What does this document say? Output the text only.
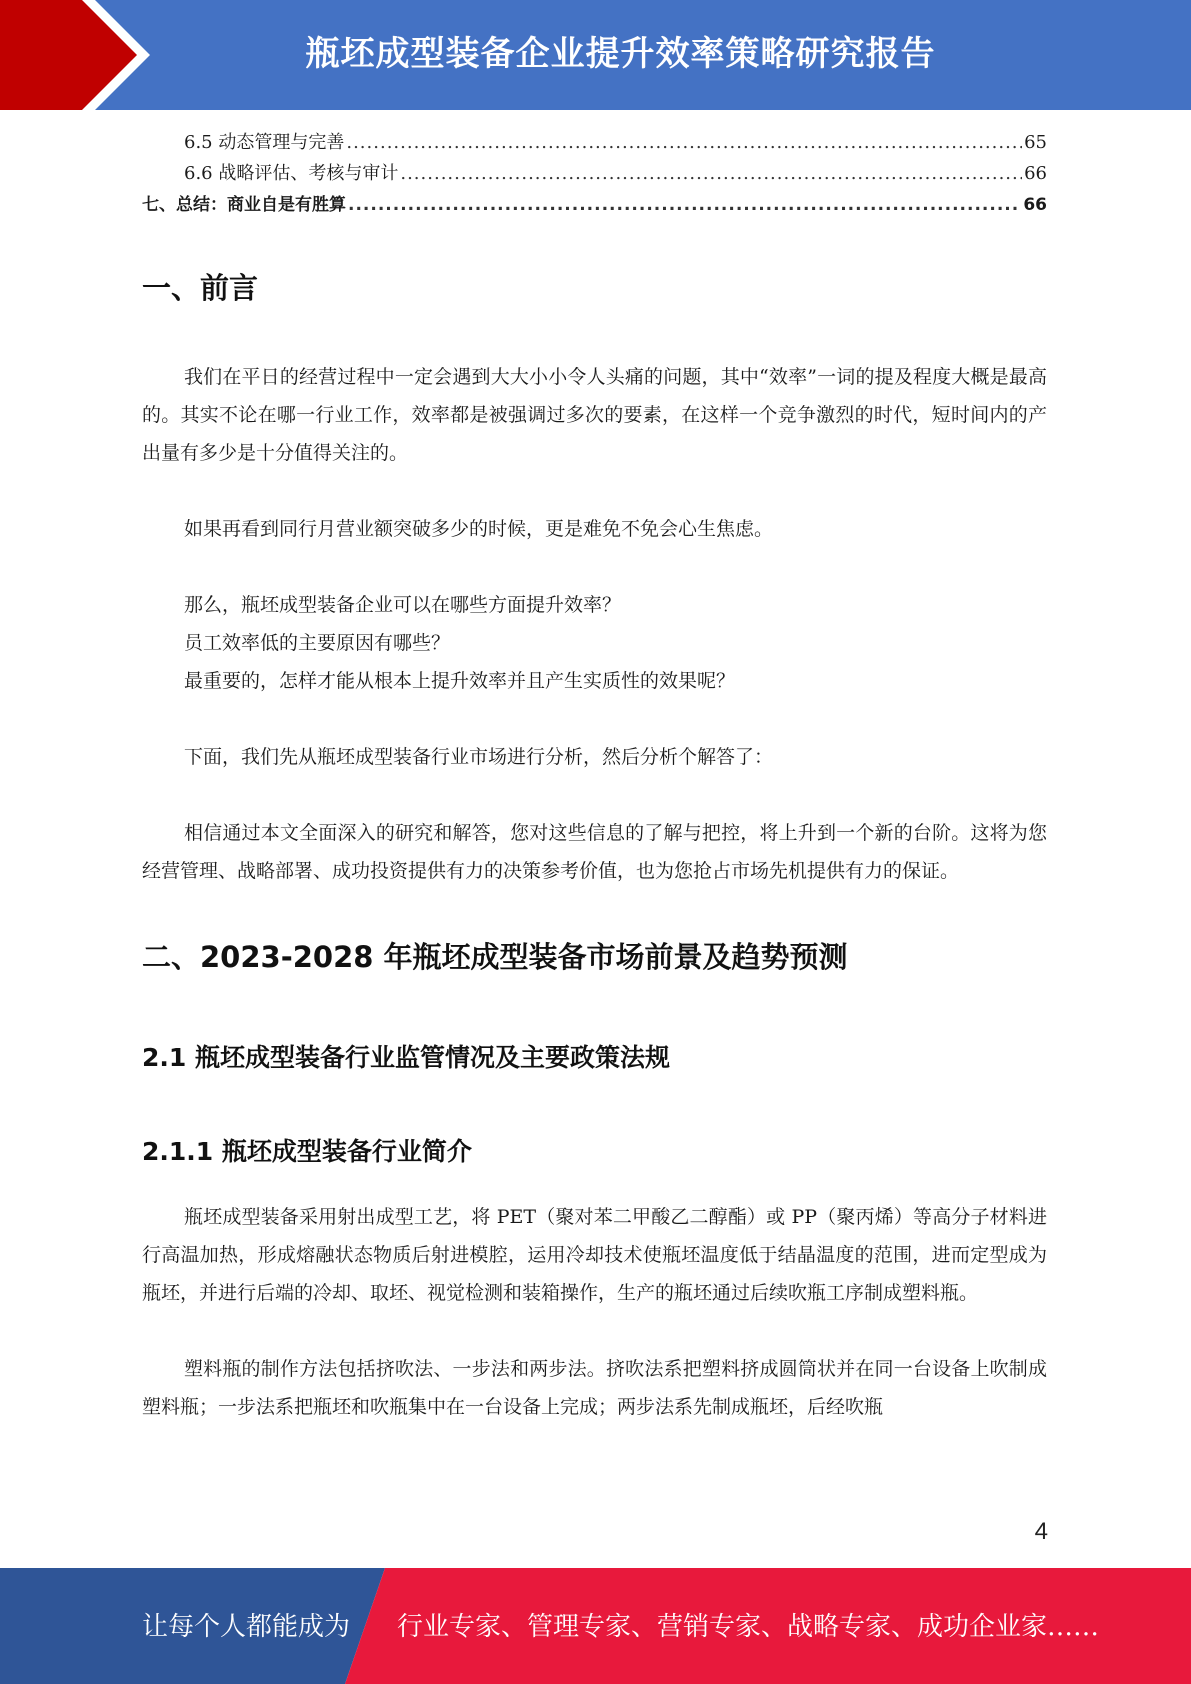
瓶坯成型装备企业提升效率策略研究报告
6.5 动态管理与完善 .....	65
6.6 战略评估、考核与审计 .....	66
七、总结：商业自是有胜算 .....	66
一、前言

我们在平日的经营过程中一定会遇到大大小小令人头痛的问题，其中“效率”一词的提及程度大概是最高的。其实不论在哪一行业工作，效率都是被强调过多次的要素，在这样一个竞争激烈的时代，短时间内的产出量有多少是十分值得关注的。

如果再看到同行月营业额突破多少的时候，更是难免不免会心生焦虑。

那么，瓶坯成型装备企业可以在哪些方面提升效率？

员工效率低的主要原因有哪些？

最重要的，怎样才能从根本上提升效率并且产生实质性的效果呢？

下面，我们先从瓶坯成型装备行业市场进行分析，然后分析个解答了：

相信通过本文全面深入的研究和解答，您对这些信息的了解与把控，将上升到一个新的台阶。这将为您经营管理、战略部署、成功投资提供有力的决策参考价值，也为您抢占市场先机提供有力的保证。

二、2023-2028 年瓶坯成型装备市场前景及趋势预测
2.1 瓶坯成型装备行业监管情况及主要政策法规
2.1.1 瓶坯成型装备行业简介

瓶坯成型装备采用射出成型工艺，将 PET（聚对苯二甲酸乙二醇酯）或 PP（聚丙烯）等高分子材料进行高温加热，形成熔融状态物质后射进模腔，运用冷却技术使瓶坯温度低于结晶温度的范围，进而定型成为瓶坯，并进行后端的冷却、取坯、视觉检测和装箱操作，生产的瓶坯通过后续吹瓶工序制成塑料瓶。

塑料瓶的制作方法包括挤吹法、一步法和两步法。挤吹法系把塑料挤成圆筒状并在同一台设备上吹制成塑料瓶；一步法系把瓶坯和吹瓶集中在一台设备上完成；两步法系先制成瓶坯，后经吹瓶

4
让每个人都能成为 行业专家、管理专家、营销专家、战略专家、成功企业家……
